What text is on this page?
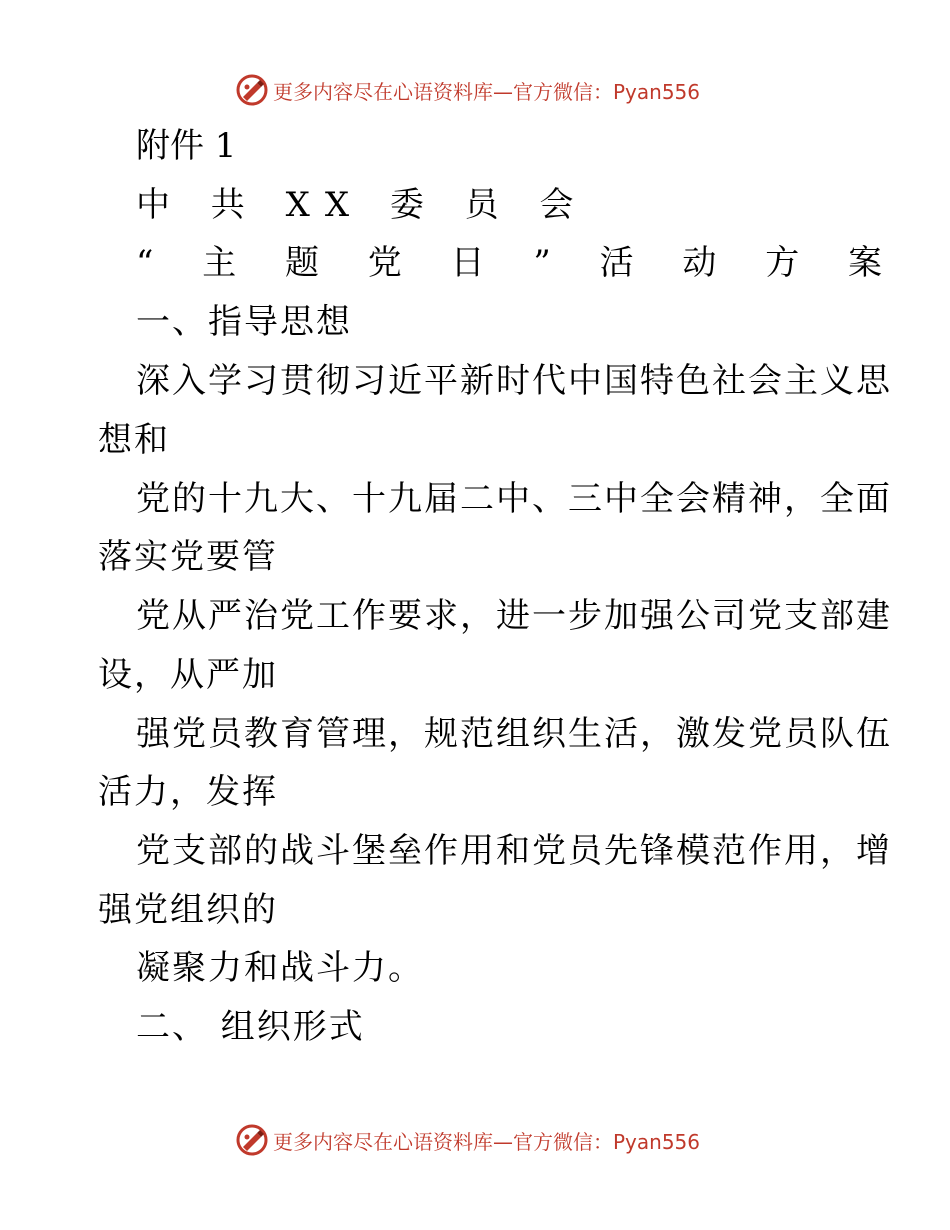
更多内容尽在心语资料库—官方微信：Pyan556
附件 1
中 共 XX 委 员 会
“ 主 题 党 日 ” 活 动 方 案
一、指导思想
深入学习贯彻习近平新时代中国特色社会主义思
想和
党的十九大、十九届二中、三中全会精神，全面
落实党要管
党从严治党工作要求，进一步加强公司党支部建
设，从严加
强党员教育管理，规范组织生活，激发党员队伍
活力，发挥
党支部的战斗堡垒作用和党员先锋模范作用，增
强党组织的
凝聚力和战斗力。
二、 组织形式
更多内容尽在心语资料库—官方微信：Pyan556
